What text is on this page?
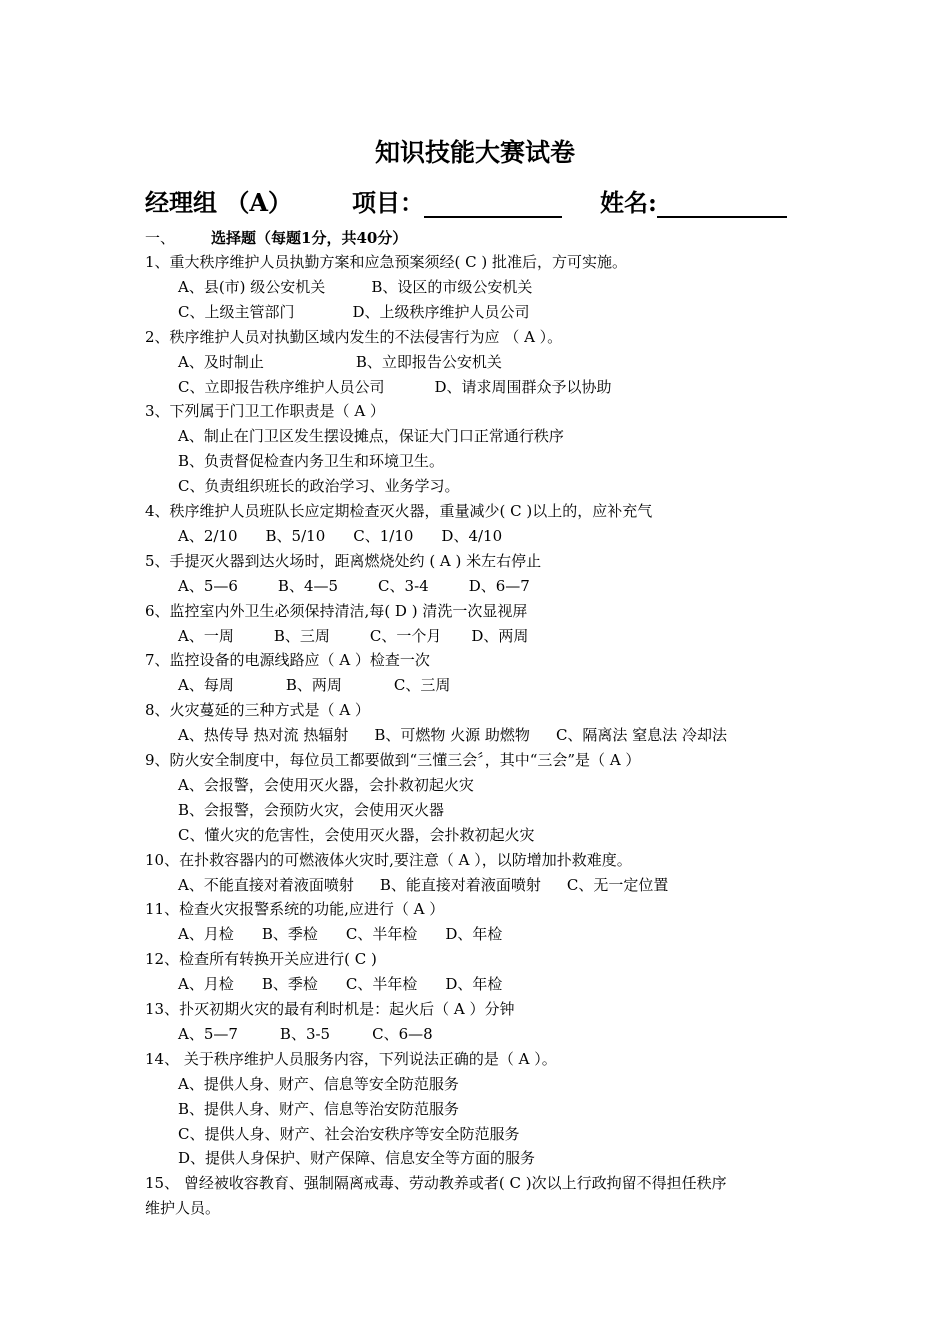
知识技能大赛试卷
经理组 （A）	项目：	姓名:
一、 选择题（每题1分，共40分）
1、重大秩序维护人员执勤方案和应急预案须经( C ) 批准后，方可实施。
A、县(市) 级公安机关	B、设区的市级公安机关
C、上级主管部门	D、上级秩序维护人员公司
2、秩序维护人员对执勤区域内发生的不法侵害行为应 （ A ）。
A、及时制止	B、立即报告公安机关
C、立即报告秩序维护人员公司	D、请求周围群众予以协助
3、下列属于门卫工作职责是（ A ）
A、制止在门卫区发生摆设摊点，保证大门口正常通行秩序
B、负责督促检查内务卫生和环境卫生。
C、负责组织班长的政治学习、业务学习。
4、秩序维护人员班队长应定期检查灭火器，重量减少( C )以上的，应补充气
A、2/10 B、5/10 C、1/10 D、4/10
5、手提灭火器到达火场时，距离燃烧处约 ( A ) 米左右停止
A、5—6	B、4—5	C、3-4	D、6—7
6、监控室内外卫生必须保持清洁,每( D ) 清洗一次显视屏
A、一周	B、三周	C、一个月 D、两周
7、监控设备的电源线路应（ A ）检查一次
A、每周	B、两周	C、三周
8、火灾蔓延的三种方式是（ A ）
A、热传导 热对流 热辐射 B、可燃物 火源 助燃物 C、隔离法 窒息法 冷却法
9、防火安全制度中，每位员工都要做到“三懂三会〞，其中“三会”是（ A ）
A、会报警，会使用灭火器，会扑救初起火灾
B、会报警，会预防火灾，会使用灭火器
C、懂火灾的危害性，会使用灭火器，会扑救初起火灾
10、在扑救容器内的可燃液体火灾时,要注意（ A ），以防增加扑救难度。
A、不能直接对着液面喷射 B、能直接对着液面喷射 C、无一定位置
11、检查火灾报警系统的功能,应进行（ A ）
A、月检 B、季检 C、半年检 D、年检
12、检查所有转换开关应进行( C )
A、月检 B、季检 C、半年检 D、年检
13、扑灭初期火灾的最有利时机是：起火后（ A ）分钟
A、5—7	B、3-5	C、6—8
14、 关于秩序维护人员服务内容，下列说法正确的是（ A ）。
A、提供人身、财产、信息等安全防范服务
B、提供人身、财产、信息等治安防范服务
C、提供人身、财产、社会治安秩序等安全防范服务
D、提供人身保护、财产保障、信息安全等方面的服务
15、 曾经被收容教育、强制隔离戒毒、劳动教养或者( C )次以上行政拘留不得担任秩序
维护人员。
